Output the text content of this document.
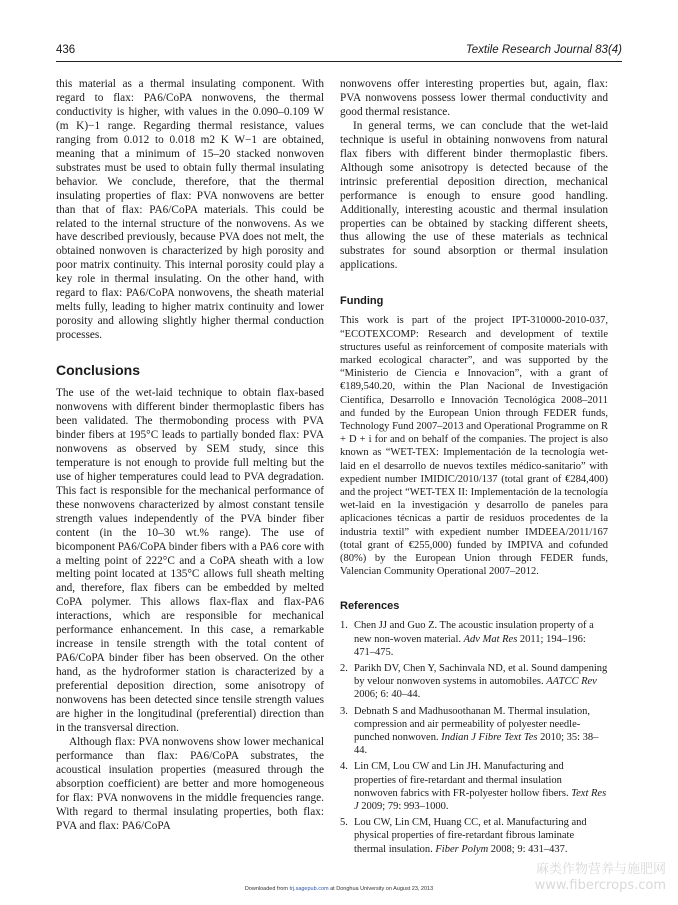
436	Textile Research Journal 83(4)

this material as a thermal insulating component. With regard to flax: PA6/CoPA nonwovens, the thermal conductivity is higher, with values in the 0.090–0.109 W (m K)−1 range. Regarding thermal resistance, values ranging from 0.012 to 0.018 m2 K W−1 are obtained, meaning that a minimum of 15–20 stacked nonwoven substrates must be used to obtain fully thermal insulating behavior. We conclude, therefore, that the thermal insulating properties of flax: PVA nonwovens are better than that of flax: PA6/CoPA materials. This could be related to the internal structure of the nonwovens. As we have described previously, because PVA does not melt, the obtained nonwoven is characterized by high porosity and poor matrix continuity. This internal porosity could play a key role in thermal insulating. On the other hand, with regard to flax: PA6/CoPA nonwovens, the sheath material melts fully, leading to higher matrix continuity and lower porosity and allowing slightly higher thermal conduction processes.

Conclusions

The use of the wet-laid technique to obtain flax-based nonwovens with different binder thermoplastic fibers has been validated. The thermobonding process with PVA binder fibers at 195°C leads to partially bonded flax: PVA nonwovens as observed by SEM study, since this temperature is not enough to provide full melting but the use of higher temperatures could lead to PVA degradation. This fact is responsible for the mechanical performance of these nonwovens characterized by almost constant tensile strength values independently of the PVA binder fiber content (in the 10–30 wt.% range). The use of bicomponent PA6/CoPA binder fibers with a PA6 core with a melting point of 222°C and a CoPA sheath with a low melting point located at 135°C allows full sheath melting and, therefore, flax fibers can be embedded by melted CoPA polymer. This allows flax-flax and flax-PA6 interactions, which are responsible for mechanical performance enhancement. In this case, a remarkable increase in tensile strength with the total content of PA6/CoPA binder fiber has been observed. On the other hand, as the hydroformer station is characterized by a preferential deposition direction, some anisotropy of nonwovens has been detected since tensile strength values are higher in the longitudinal (preferential) direction than in the transversal direction.

Although flax: PVA nonwovens show lower mechanical performance than flax: PA6/CoPA substrates, the acoustical insulation properties (measured through the absorption coefficient) are better and more homogeneous for flax: PVA nonwovens in the middle frequencies range. With regard to thermal insulating properties, both flax: PVA and flax: PA6/CoPA

nonwovens offer interesting properties but, again, flax: PVA nonwovens possess lower thermal conductivity and good thermal resistance.

In general terms, we can conclude that the wet-laid technique is useful in obtaining nonwovens from natural flax fibers with different binder thermoplastic fibers. Although some anisotropy is detected because of the intrinsic preferential deposition direction, mechanical performance is enough to ensure good handling. Additionally, interesting acoustic and thermal insulation properties can be obtained by stacking different sheets, thus allowing the use of these materials as technical substrates for sound absorption or thermal insulation applications.

Funding

This work is part of the project IPT-310000-2010-037, “ECOTEXCOMP: Research and development of textile structures useful as reinforcement of composite materials with marked ecological character”, and was supported by the “Ministerio de Ciencia e Innovacion”, with a grant of €189,540.20, within the Plan Nacional de Investigación Científica, Desarrollo e Innovación Tecnológica 2008–2011 and funded by the European Union through FEDER funds, Technology Fund 2007–2013 and Operational Programme on R + D + i for and on behalf of the companies. The project is also known as “WET-TEX: Implementación de la tecnología wet-laid en el desarrollo de nuevos textiles médico-sanitario” with expedient number IMIDIC/2010/137 (total grant of €284,400) and the project “WET-TEX II: Implementación de la tecnología wet-laid en la investigación y desarrollo de paneles para aplicaciones técnicas a partir de residuos procedentes de la industria textil” with expedient number IMDEEA/2011/167 (total grant of €255,000) funded by IMPIVA and cofunded (80%) by the European Union through FEDER funds, Valencian Community Operational 2007–2012.

References
1. Chen JJ and Guo Z. The acoustic insulation property of a new non-woven material. Adv Mat Res 2011; 194–196: 471–475.
2. Parikh DV, Chen Y, Sachinvala ND, et al. Sound dampening by velour nonwoven systems in automobiles. AATCC Rev 2006; 6: 40–44.
3. Debnath S and Madhusoothanan M. Thermal insulation, compression and air permeability of polyester needle-punched nonwoven. Indian J Fibre Text Tes 2010; 35: 38–44.
4. Lin CM, Lou CW and Lin JH. Manufacturing and properties of fire-retardant and thermal insulation nonwoven fabrics with FR-polyester hollow fibers. Text Res J 2009; 79: 993–1000.
5. Lou CW, Lin CM, Huang CC, et al. Manufacturing and physical properties of fire-retardant fibrous laminate thermal insulation. Fiber Polym 2008; 9: 431–437.
Downloaded from trj.sagepub.com at Donghua University on August 23, 2013
麻类作物营养与施肥网
www.fibercrops.com
